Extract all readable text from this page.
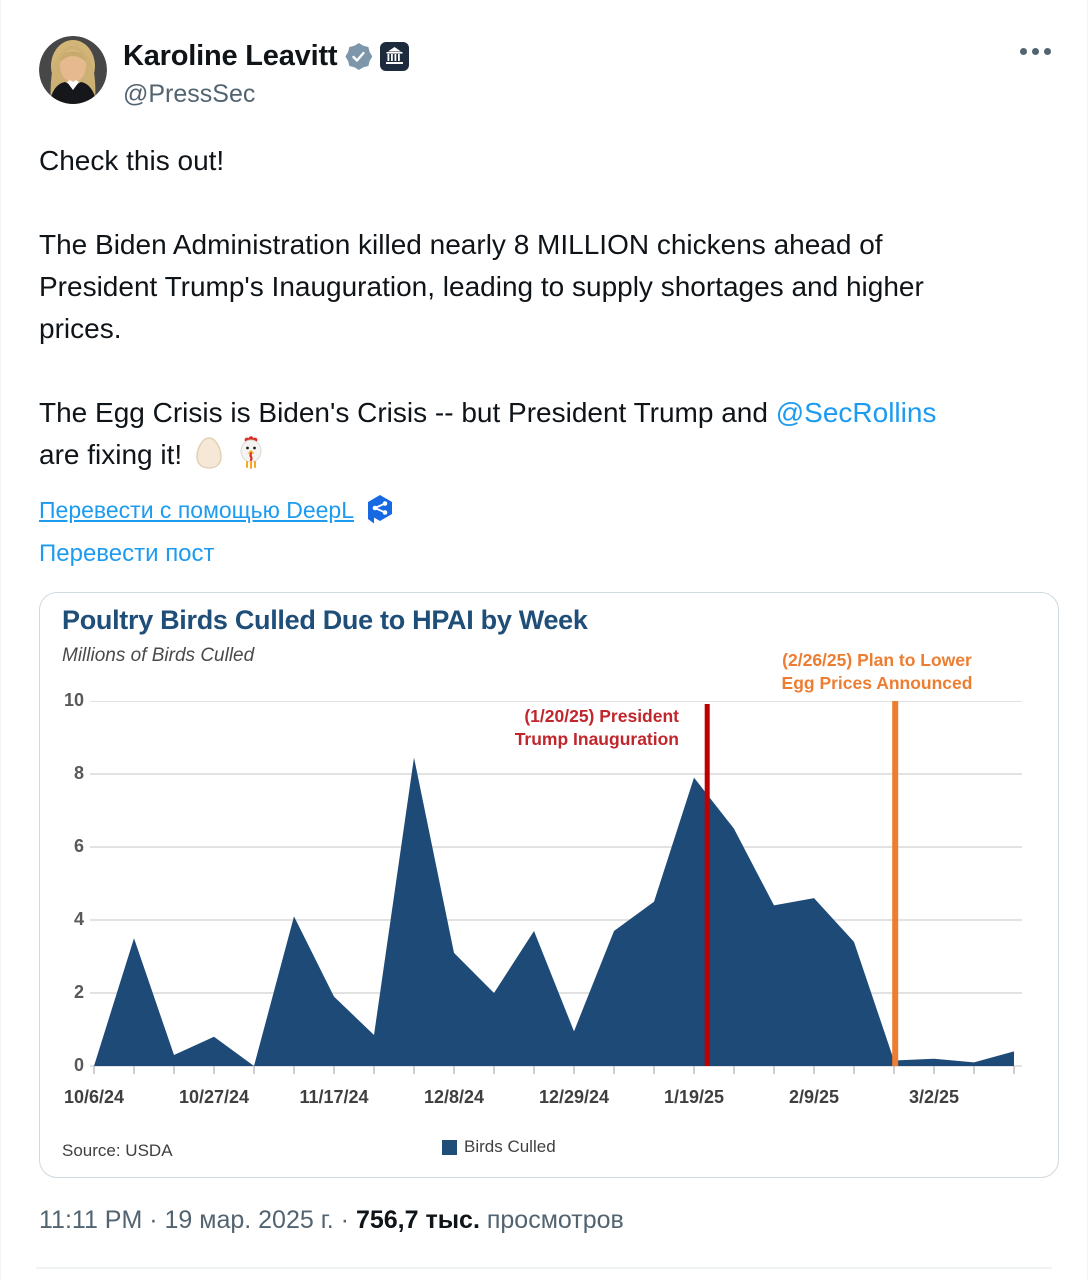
Karoline Leavitt
@PressSec
Check this out!
The Biden Administration killed nearly 8 MILLION chickens ahead of
President Trump's Inauguration, leading to supply shortages and higher
prices.
The Egg Crisis is Biden's Crisis -- but President Trump and @SecRollins
are fixing it!
Перевести с помощью DeepL
Перевести пост
Poultry Birds Culled Due to HPAI by Week
Millions of Birds Culled
0
2
4
6
8
10
(1/20/25) President
Trump Inauguration
(2/26/25) Plan to Lower
Egg Prices Announced
10/6/24	10/27/24	11/17/24	12/8/24	12/29/24	1/19/25	2/9/25	3/2/25
Birds Culled
Source: USDA
11:11 PM · 19 мар. 2025 г. · 756,7 тыс. просмотров
